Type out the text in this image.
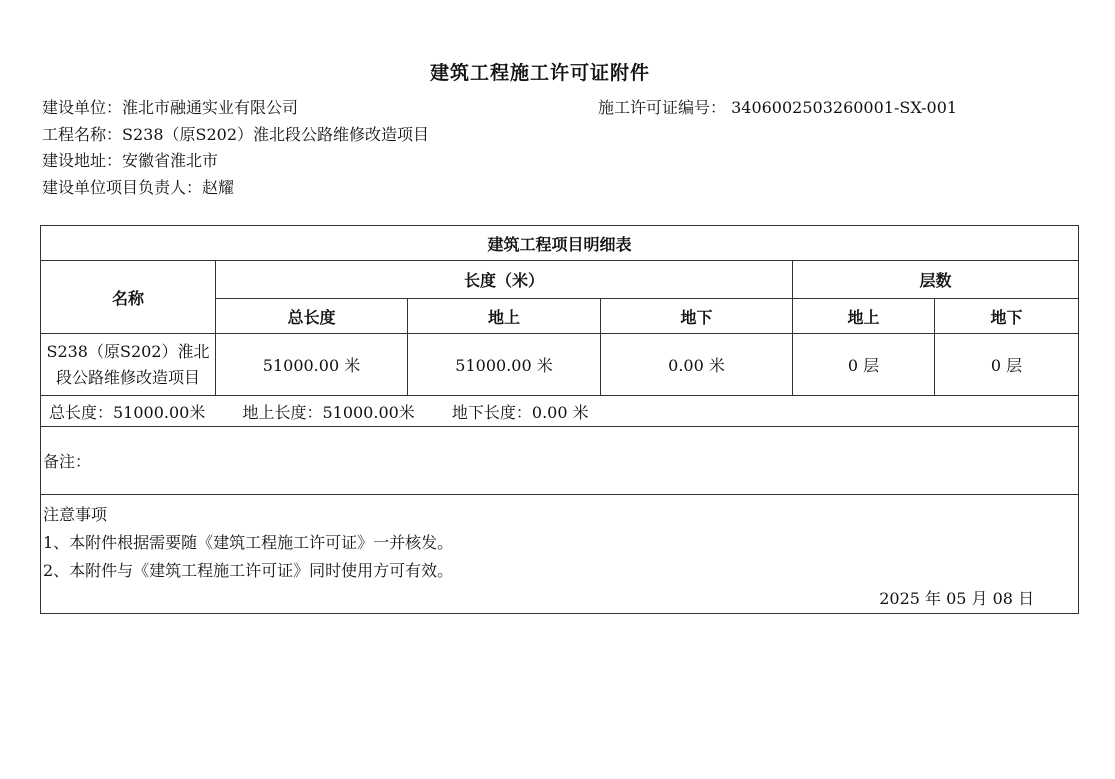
建筑工程施工许可证附件
建设单位：淮北市融通实业有限公司	施工许可证编号： 3406002503260001-SX-001
工程名称：S238（原S202）淮北段公路维修改造项目
建设地址：安徽省淮北市
建设单位项目负责人：赵耀
建筑工程项目明细表					
名称	长度（米）			层数	
	总长度	地上	地下	地上	地下
S238（原S202）淮北段公路维修改造项目	51000.00 米	51000.00 米	0.00 米	0 层	0 层
总长度：51000.00米 地上长度：51000.00米 地下长度：0.00 米					
备注：					

注意事项
1、本附件根据需要随《建筑工程施工许可证》一并核发。
2、本附件与《建筑工程施工许可证》同时使用方可有效。
2025 年 05 月 08 日					
